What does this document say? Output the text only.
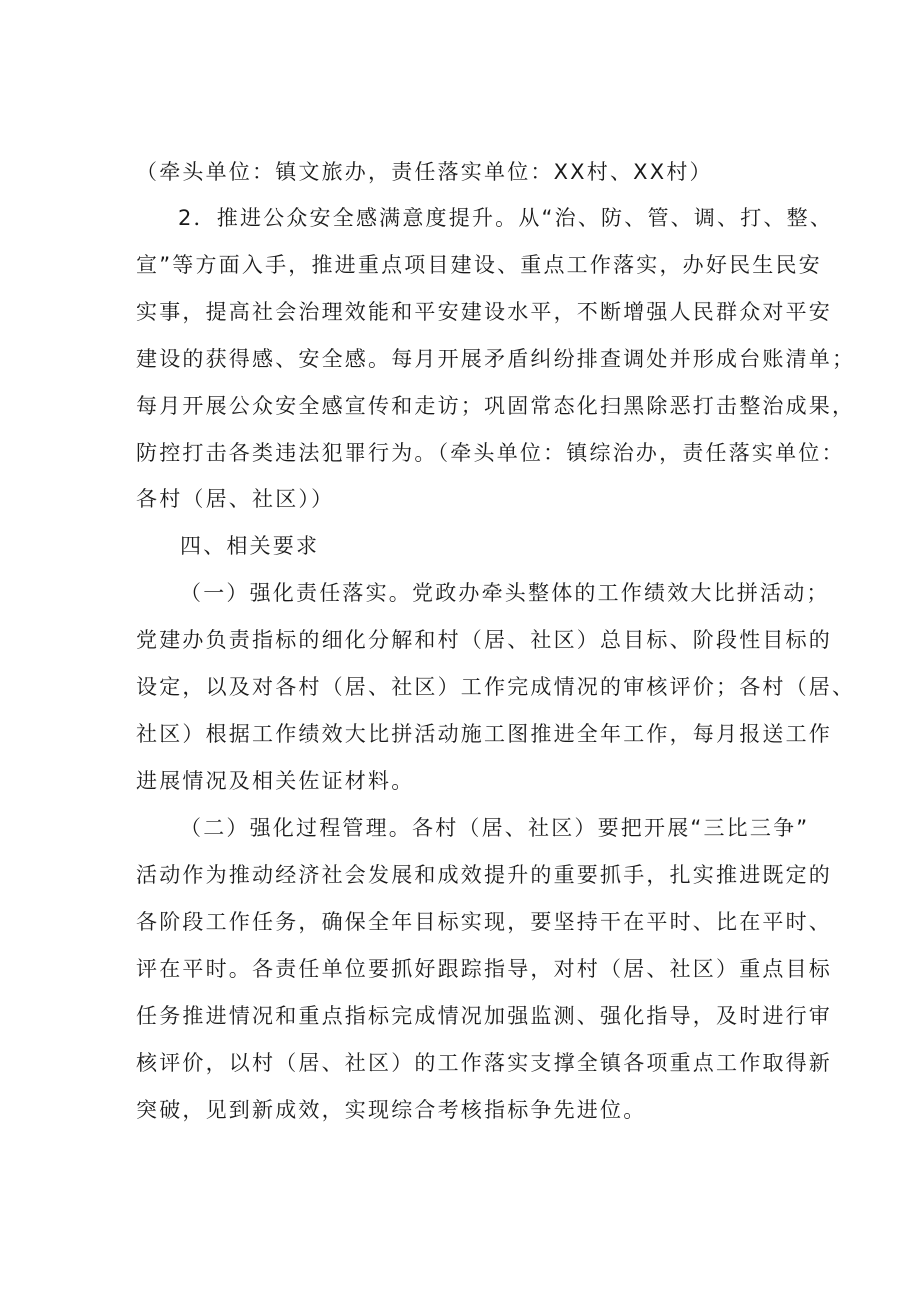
（牵头单位：镇文旅办，责任落实单位：XX村、XX村）

2．推进公众安全感满意度提升。从“治、防、管、调、打、整、

宣”等方面入手，推进重点项目建设、重点工作落实，办好民生民安

实事，提高社会治理效能和平安建设水平，不断增强人民群众对平安

建设的获得感、安全感。每月开展矛盾纠纷排查调处并形成台账清单；

每月开展公众安全感宣传和走访；巩固常态化扫黑除恶打击整治成果，

防控打击各类违法犯罪行为。（牵头单位：镇综治办，责任落实单位：

各村（居、社区））

四、相关要求

（一）强化责任落实。党政办牵头整体的工作绩效大比拼活动；

党建办负责指标的细化分解和村（居、社区）总目标、阶段性目标的

设定，以及对各村（居、社区）工作完成情况的审核评价；各村（居、

社区）根据工作绩效大比拼活动施工图推进全年工作，每月报送工作

进展情况及相关佐证材料。

（二）强化过程管理。各村（居、社区）要把开展“三比三争”

活动作为推动经济社会发展和成效提升的重要抓手，扎实推进既定的

各阶段工作任务，确保全年目标实现，要坚持干在平时、比在平时、

评在平时。各责任单位要抓好跟踪指导，对村（居、社区）重点目标

任务推进情况和重点指标完成情况加强监测、强化指导，及时进行审

核评价，以村（居、社区）的工作落实支撑全镇各项重点工作取得新

突破，见到新成效，实现综合考核指标争先进位。
